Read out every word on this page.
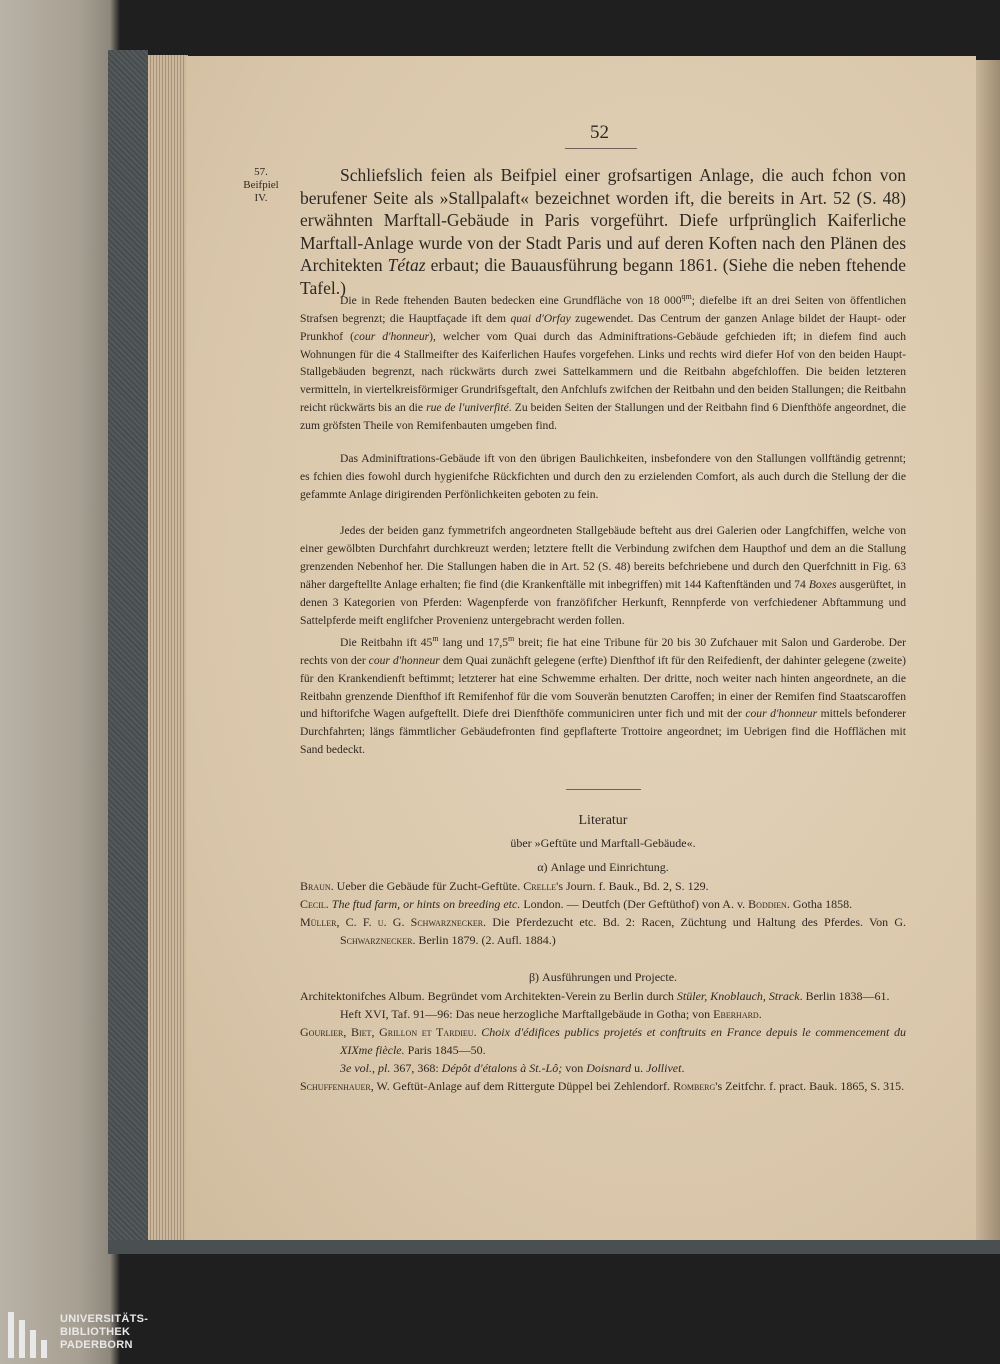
52
57.
Beifpiel
IV.
Schliefslich feien als Beifpiel einer grofsartigen Anlage, die auch fchon von berufener Seite als »Stallpalaft« bezeichnet worden ift, die bereits in Art. 52 (S. 48) erwähnten Marftall-Gebäude in Paris vorgeführt. Diefe urfprünglich Kaiferliche Marftall-Anlage wurde von der Stadt Paris und auf deren Koften nach den Plänen des Architekten Tétaz erbaut; die Bauausführung begann 1861. (Siehe die neben ftehende Tafel.)
Die in Rede ftehenden Bauten bedecken eine Grundfläche von 18 $000^{qm}$; diefelbe ift an drei Seiten von öffentlichen Strafsen begrenzt; die Hauptfaçade ift dem quai d'Orfay zugewendet. Das Centrum der ganzen Anlage bildet der Haupt- oder Prunkhof (cour d'honneur), welcher vom Quai durch das Adminiftrations-Gebäude gefchieden ift; in diefem find auch Wohnungen für die 4 Stallmeifter des Kaiferlichen Haufes vorgefehen. Links und rechts wird diefer Hof von den beiden Haupt-Stallgebäuden begrenzt, nach rückwärts durch zwei Sattelkammern und die Reitbahn abgefchloffen. Die beiden letzteren vermitteln, in viertelkreisförmiger Grundrifsgeftalt, den Anfchlufs zwifchen der Reitbahn und den beiden Stallungen; die Reitbahn reicht rückwärts bis an die rue de l'univerfité. Zu beiden Seiten der Stallungen und der Reitbahn find 6 Dienfthöfe angeordnet, die zum gröfsten Theile von Remifenbauten umgeben find.
Das Adminiftrations-Gebäude ift von den übrigen Baulichkeiten, insbefondere von den Stallungen vollftändig getrennt; es fchien dies fowohl durch hygienifche Rückfichten und durch den zu erzielenden Comfort, als auch durch die Stellung der die gefammte Anlage dirigirenden Perfönlichkeiten geboten zu fein.
Jedes der beiden ganz fymmetrifch angeordneten Stallgebäude befteht aus drei Galerien oder Langfchiffen, welche von einer gewölbten Durchfahrt durchkreuzt werden; letztere ftellt die Verbindung zwifchen dem Haupthof und dem an die Stallung grenzenden Nebenhof her. Die Stallungen haben die in Art. 52 (S. 48) bereits befchriebene und durch den Querfchnitt in Fig. 63 näher dargeftellte Anlage erhalten; fie find (die Krankenftälle mit inbegriffen) mit 144 Kaftenftänden und 74 Boxes ausgerüftet, in denen 3 Kategorien von Pferden: Wagenpferde von franzöfifcher Herkunft, Rennpferde von verfchiedener Abftammung und Sattelpferde meift englifcher Provenienz untergebracht werden follen.
Die Reitbahn ift 45$^m$ lang und 17,5$^m$ breit; fie hat eine Tribune für 20 bis 30 Zufchauer mit Salon und Garderobe. Der rechts von der cour d'honneur dem Quai zunächft gelegene (erfte) Dienfthof ift für den Reifedienft, der dahinter gelegene (zweite) für den Krankendienft beftimmt; letzterer hat eine Schwemme erhalten. Der dritte, noch weiter nach hinten angeordnete, an die Reitbahn grenzende Dienfthof ift Remifenhof für die vom Souverän benutzten Caroffen; in einer der Remifen find Staatscaroffen und hiftorifche Wagen aufgeftellt. Diefe drei Dienfthöfe communiciren unter fich und mit der cour d'honneur mittels befonderer Durchfahrten; längs fämmtlicher Gebäudefronten find gepflafterte Trottoire angeordnet; im Uebrigen find die Hofflächen mit Sand bedeckt.
Literatur
über »Geftüte und Marftall-Gebäude«.
α) Anlage und Einrichtung.
Braun. Ueber die Gebäude für Zucht-Geftüte. Crelle's Journ. f. Bauk., Bd. 2, S. 129.
Cecil. The ftud farm, or hints on breeding etc. London. — Deutfch (Der Geftüthof) von A. v. Boddien. Gotha 1858.
Müller, C. F. u. G. Schwarznecker. Die Pferdezucht etc. Bd. 2: Racen, Züchtung und Haltung des Pferdes. Von G. Schwarznecker. Berlin 1879. (2. Aufl. 1884.)
β) Ausführungen und Projecte.
Architektonifches Album. Begründet vom Architekten-Verein zu Berlin durch Stüler, Knoblauch, Strack. Berlin 1838—61.
Heft XVI, Taf. 91—96: Das neue herzogliche Marftallgebäude in Gotha; von Eberhard.
Gourlier, Biet, Grillon et Tardieu. Choix d'édifices publics projetés et conftruits en France depuis le commencement du XIXme fiècle. Paris 1845—50.
3e vol., pl. 367, 368: Dépôt d'étalons à St.-Lô; von Doisnard u. Jollivet.
Schuffenhauer, W. Geftüt-Anlage auf dem Rittergute Düppel bei Zehlendorf. Romberg's Zeitfchr. f. pract. Bauk. 1865, S. 315.
UNIVERSITÄTS-
BIBLIOTHEK
PADERBORN
